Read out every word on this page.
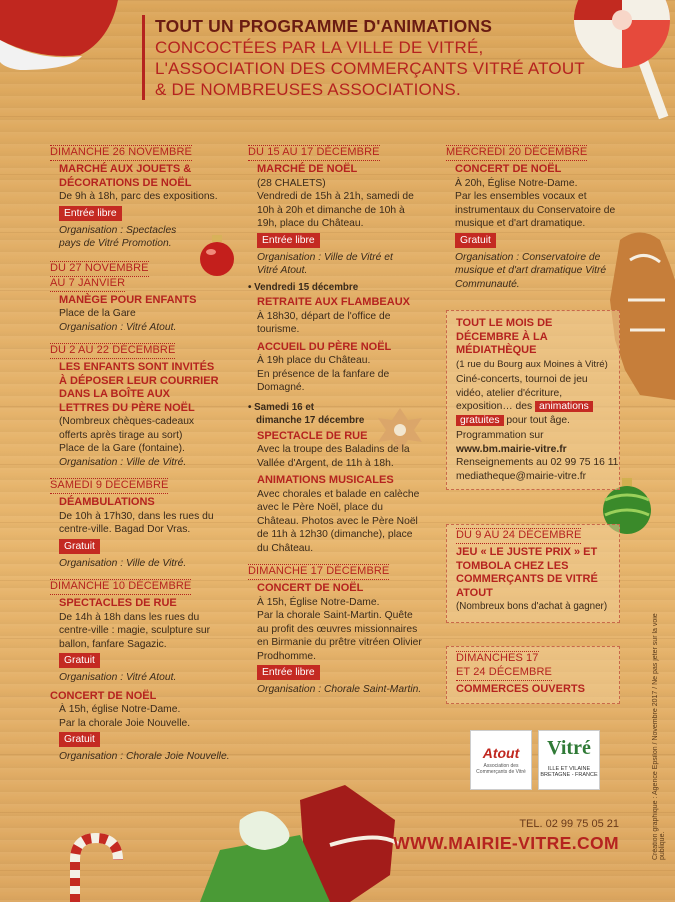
TOUT UN PROGRAMME D'ANIMATIONS
CONCOCTÉES PAR LA VILLE DE VITRÉ,
L'ASSOCIATION DES COMMERÇANTS VITRÉ ATOUT
& DE NOMBREUSES ASSOCIATIONS.
DIMANCHE 26 NOVEMBRE
MARCHÉ AUX JOUETS & DÉCORATIONS DE NOËL
De 9h à 18h, parc des expositions.
Entrée libre
Organisation : Spectacles pays de Vitré Promotion.
DU 27 NOVEMBRE
AU 7 JANVIER
MANÈGE POUR ENFANTS
Place de la Gare
Organisation : Vitré Atout.
DU 2 AU 22 DÉCEMBRE
LES ENFANTS SONT INVITÉS À DÉPOSER LEUR COURRIER DANS LA BOÎTE AUX LETTRES DU PÈRE NOËL
(Nombreux chèques-cadeaux offerts après tirage au sort)
Place de la Gare (fontaine).
Organisation : Ville de Vitré.
SAMEDI 9 DÉCEMBRE
DÉAMBULATIONS
De 10h à 17h30, dans les rues du centre-ville. Bagad Dor Vras.
Gratuit
Organisation : Ville de Vitré.
DIMANCHE 10 DÉCEMBRE
SPECTACLES DE RUE
De 14h à 18h dans les rues du centre-ville : magie, sculpture sur ballon, fanfare Sagazic.
Gratuit
Organisation : Vitré Atout.
CONCERT DE NOËL
À 15h, église Notre-Dame.
Par la chorale Joie Nouvelle.
Gratuit
Organisation : Chorale Joie Nouvelle.
DU 15 AU 17 DÉCEMBRE
MARCHÉ DE NOËL
(28 CHALETS)
Vendredi de 15h à 21h, samedi de 10h à 20h et dimanche de 10h à 19h, place du Château.
Entrée libre
Organisation : Ville de Vitré et Vitré Atout.
• Vendredi 15 décembre
RETRAITE AUX FLAMBEAUX
À 18h30, départ de l'office de tourisme.
ACCUEIL DU PÈRE NOËL
À 19h place du Château.
En présence de la fanfare de Domagné.
• Samedi 16 et
dimanche 17 décembre
SPECTACLE DE RUE
Avec la troupe des Baladins de la Vallée d'Argent, de 11h à 18h.
ANIMATIONS MUSICALES
Avec chorales et balade en calèche avec le Père Noël, place du Château. Photos avec le Père Noël de 11h à 12h30 (dimanche), place du Château.
DIMANCHE 17 DÉCEMBRE
CONCERT DE NOËL
À 15h, Église Notre-Dame.
Par la chorale Saint-Martin. Quête au profit des œuvres missionnaires en Birmanie du prêtre vitréen Olivier Prodhomme.
Entrée libre
Organisation : Chorale Saint-Martin.
MERCREDI 20 DÉCEMBRE
CONCERT DE NOËL
À 20h, Église Notre-Dame.
Par les ensembles vocaux et instrumentaux du Conservatoire de musique et d'art dramatique.
Gratuit
Organisation : Conservatoire de musique et d'art dramatique Vitré Communauté.
TOUT LE MOIS DE DÉCEMBRE À LA MÉDIATHÈQUE
(1 rue du Bourg aux Moines à Vitré)
Ciné-concerts, tournoi de jeu vidéo, atelier d'écriture, exposition… des animations gratuites pour tout âge.
Programmation sur
www.bm.mairie-vitre.fr
Renseignements au 02 99 75 16 11
mediatheque@mairie-vitre.fr
DU 9 AU 24 DÉCEMBRE
JEU « LE JUSTE PRIX » ET TOMBOLA CHEZ LES COMMERÇANTS DE VITRÉ ATOUT
(Nombreux bons d'achat à gagner)
DIMANCHES 17
ET 24 DÉCEMBRE
COMMERCES OUVERTS
Atout
Association des Commerçants de Vitré
Vitré
ILLE ET VILAINE
BRETAGNE - FRANCE
TEL. 02 99 75 05 21
WWW.MAIRIE-VITRE.COM	Création graphique : Agence Epsilon / Novembre 2017 / Ne pas jeter sur la voie publique.
